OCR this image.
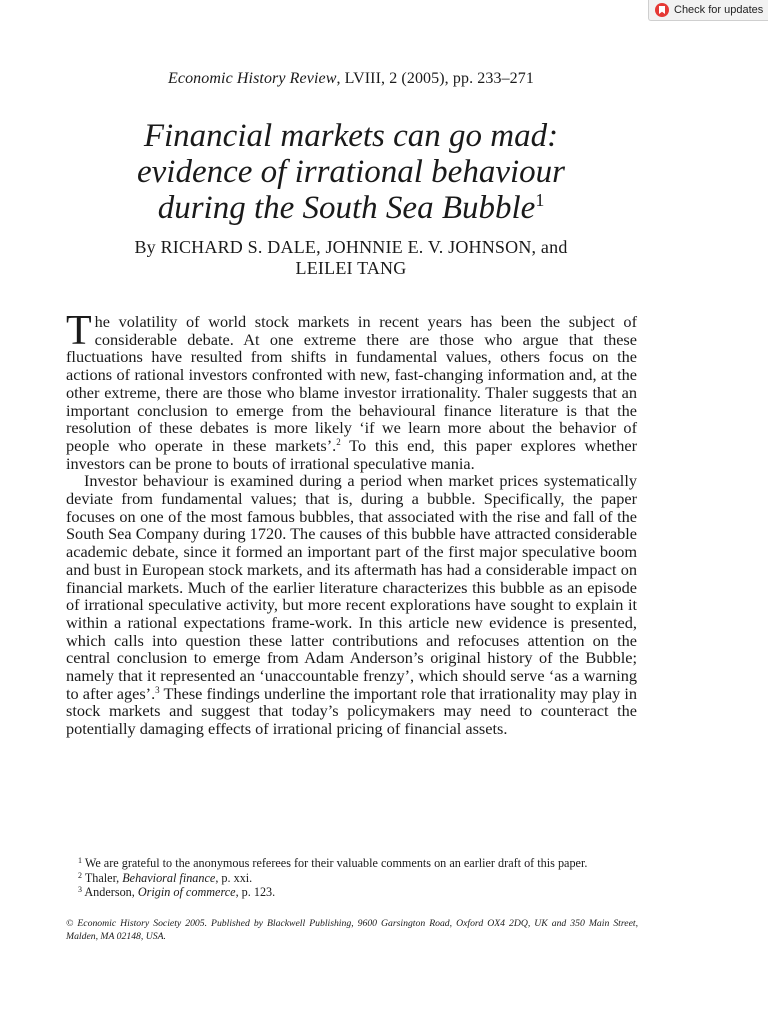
Check for updates
Economic History Review, LVIII, 2 (2005), pp. 233–271
Financial markets can go mad:
evidence of irrational behaviour
during the South Sea Bubble$^1$
By RICHARD S. DALE, JOHNNIE E. V. JOHNSON, and
LEILEI TANG

The volatility of world stock markets in recent years has been the subject of considerable debate. At one extreme there are those who argue that these fluctuations have resulted from shifts in fundamental values, others focus on the actions of rational investors confronted with new, fast-changing information and, at the other extreme, there are those who blame investor irrationality. Thaler suggests that an important conclusion to emerge from the behavioural finance literature is that the resolution of these debates is more likely ‘if we learn more about the behavior of people who operate in these markets’.$^2$ To this end, this paper explores whether investors can be prone to bouts of irrational speculative mania.

Investor behaviour is examined during a period when market prices systematically deviate from fundamental values; that is, during a bubble. Specifically, the paper focuses on one of the most famous bubbles, that associated with the rise and fall of the South Sea Company during 1720. The causes of this bubble have attracted considerable academic debate, since it formed an important part of the first major speculative boom and bust in European stock markets, and its aftermath has had a considerable impact on financial markets. Much of the earlier literature characterizes this bubble as an episode of irrational speculative activity, but more recent explorations have sought to explain it within a rational expectations frame-work. In this article new evidence is presented, which calls into question these latter contributions and refocuses attention on the central conclusion to emerge from Adam Anderson’s original history of the Bubble; namely that it represented an ‘unaccountable frenzy’, which should serve ‘as a warning to after ages’.$^3$ These findings underline the important role that irrationality may play in stock markets and suggest that today’s policymakers may need to counteract the potentially damaging effects of irrational pricing of financial assets.

$^1$ We are grateful to the anonymous referees for their valuable comments on an earlier draft of this paper.

$^2$ Thaler, Behavioral finance, p. xxi.

$^3$ Anderson, Origin of commerce, p. 123.

© Economic History Society 2005. Published by Blackwell Publishing, 9600 Garsington Road, Oxford OX4 2DQ, UK and 350 Main Street, Malden, MA 02148, USA.
